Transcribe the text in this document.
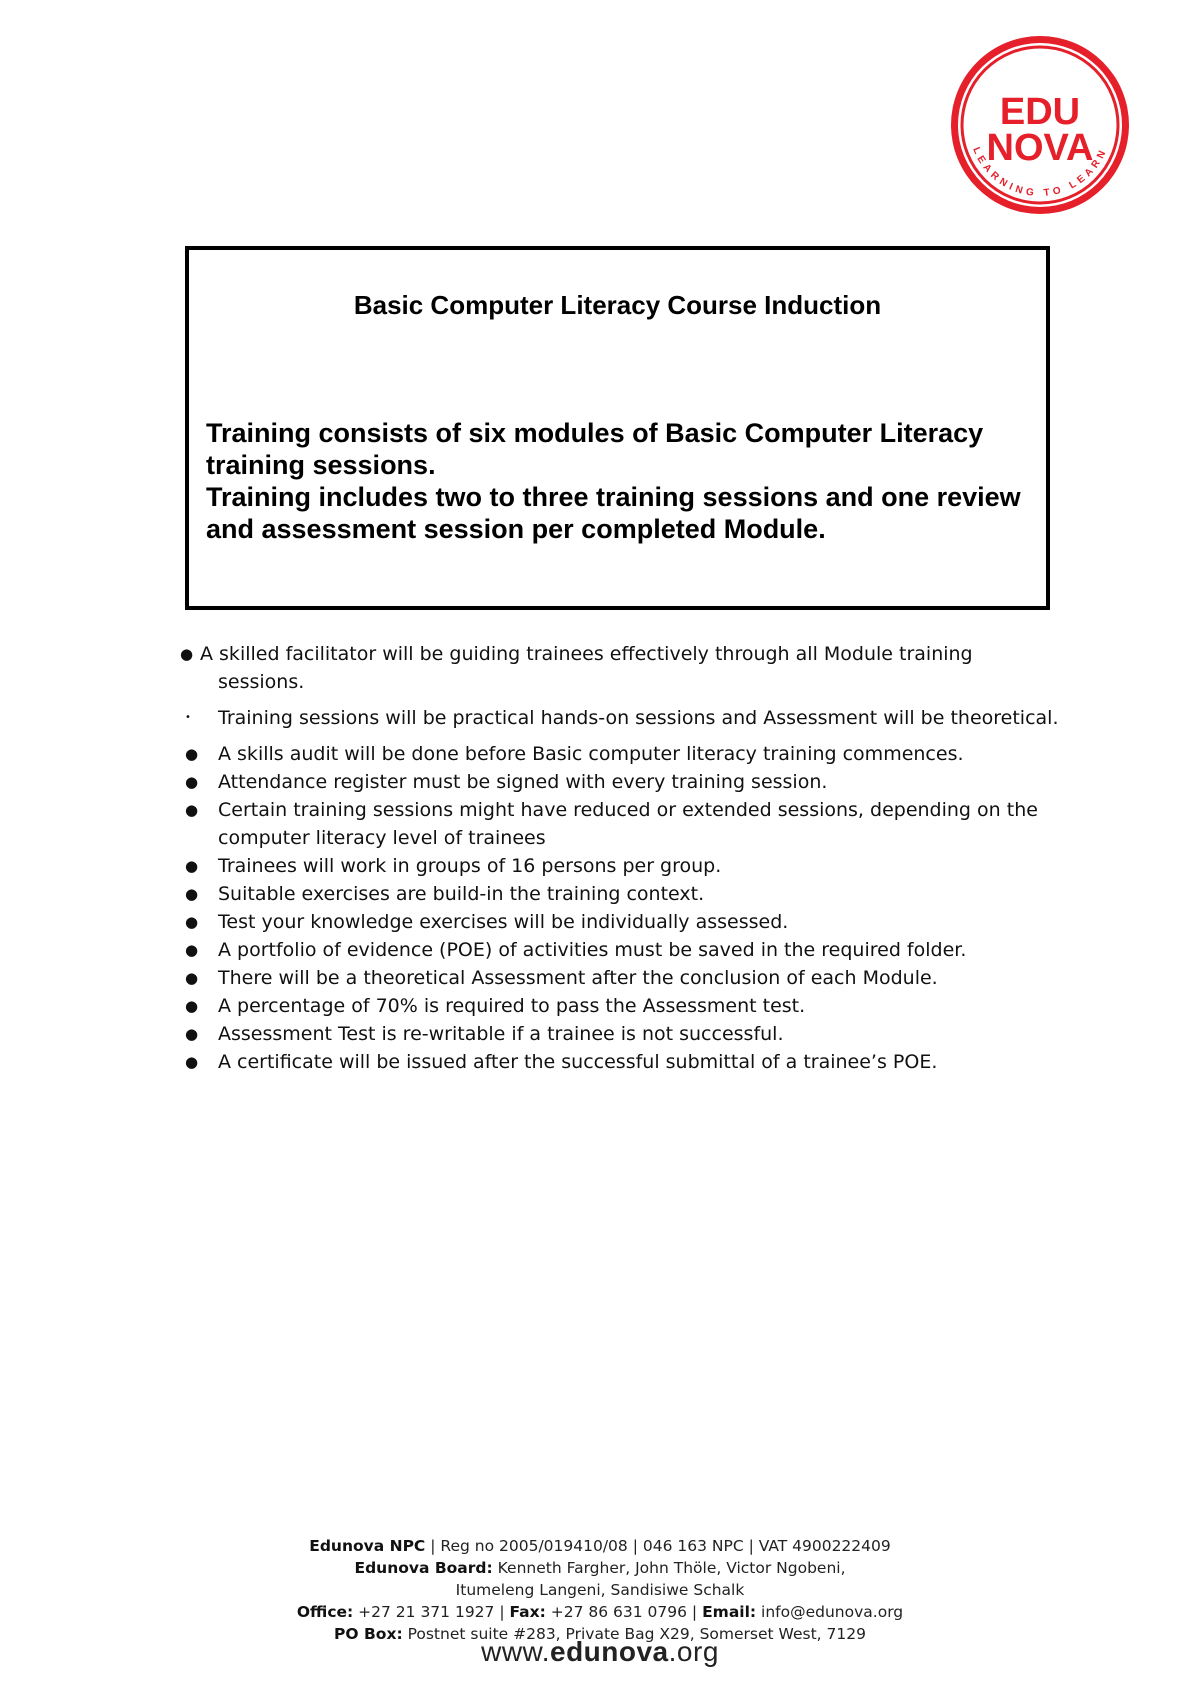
EDU
NOVA
LEARNING TO LEARN
Basic Computer Literacy Course Induction

Training consists of six modules of Basic Computer Literacy training sessions.

Training includes two to three training sessions and one review and assessment session per completed Module.

● A skilled facilitator will be guiding trainees effectively through all Module training
sessions.
• Training sessions will be practical hands-on sessions and Assessment will be theoretical.
● A skills audit will be done before Basic computer literacy training commences.
● Attendance register must be signed with every training session.
● Certain training sessions might have reduced or extended sessions, depending on the computer literacy level of trainees
● Trainees will work in groups of 16 persons per group.
● Suitable exercises are build-in the training context.
● Test your knowledge exercises will be individually assessed.
● A portfolio of evidence (POE) of activities must be saved in the required folder.
● There will be a theoretical Assessment after the conclusion of each Module.
● A percentage of 70% is required to pass the Assessment test.
● Assessment Test is re-writable if a trainee is not successful.
● A certificate will be issued after the successful submittal of a trainee’s POE.
Edunova NPC | Reg no 2005/019410/08 | 046 163 NPC | VAT 4900222409
Edunova Board: Kenneth Fargher, John Thöle, Victor Ngobeni,
Itumeleng Langeni, Sandisiwe Schalk
Office: +27 21 371 1927 | Fax: +27 86 631 0796 | Email: info@edunova.org
PO Box: Postnet suite #283, Private Bag X29, Somerset West, 7129
www.edunova.org
